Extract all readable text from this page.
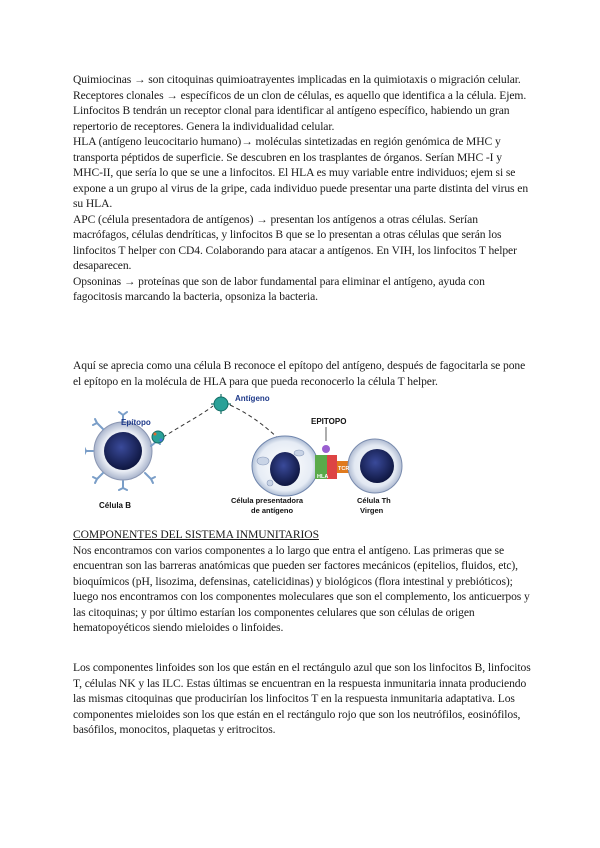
Quimiocinas → son citoquinas quimioatrayentes implicadas en la quimiotaxis o migración celular.

Receptores clonales → específicos de un clon de células, es aquello que identifica a la célula. Ejem. Linfocitos B tendrán un receptor clonal para identificar al antígeno específico, habiendo un gran repertorio de receptores. Genera la individualidad celular.

HLA (antígeno leucocitario humano)→ moléculas sintetizadas en región genómica de MHC y transporta péptidos de superficie. Se descubren en los trasplantes de órganos. Serían MHC -I y MHC-II, que sería lo que se une a linfocitos. El HLA es muy variable entre individuos; ejem si se expone a un grupo al virus de la gripe, cada individuo puede presentar una parte distinta del virus en su HLA.

APC (célula presentadora de antígenos) → presentan los antígenos a otras células. Serían macrófagos, células dendríticas, y linfocitos B que se lo presentan a otras células que serán los linfocitos T helper con CD4. Colaborando para atacar a antígenos. En VIH, los linfocitos T helper desaparecen.

Opsoninas → proteínas que son de labor fundamental para eliminar el antígeno, ayuda con fagocitosis marcando la bacteria, opsoniza la bacteria.

Aquí se aprecia como una célula B reconoce el epítopo del antígeno, después de fagocitarla se pone el epítopo en la molécula de HLA para que pueda reconocerlo la célula T helper.

Epítopo
Antígeno
EPITOPO
HLA
TCR
Célula B
Célula presentadora
de antígeno
Célula Th
Virgen

COMPONENTES DEL SISTEMA INMUNITARIOS

Nos encontramos con varios componentes a lo largo que entra el antígeno. Las primeras que se encuentran son las barreras anatómicas que pueden ser factores mecánicos (epitelios, fluidos, etc), bioquímicos (pH, lisozima, defensinas, catelicidinas) y biológicos (flora intestinal y prebióticos); luego nos encontramos con los componentes moleculares que son el complemento, los anticuerpos y las citoquinas; y por último estarían los componentes celulares que son células de origen hematopoyéticos siendo mieloides o linfoides.

Los componentes linfoides son los que están en el rectángulo azul que son los linfocitos B, linfocitos T, células NK y las ILC. Estas últimas se encuentran en la respuesta inmunitaria innata produciendo las mismas citoquinas que producirían los linfocitos T en la respuesta inmunitaria adaptativa. Los componentes mieloides son los que están en el rectángulo rojo que son los neutrófilos, eosinófilos, basófilos, monocitos, plaquetas y eritrocitos.
